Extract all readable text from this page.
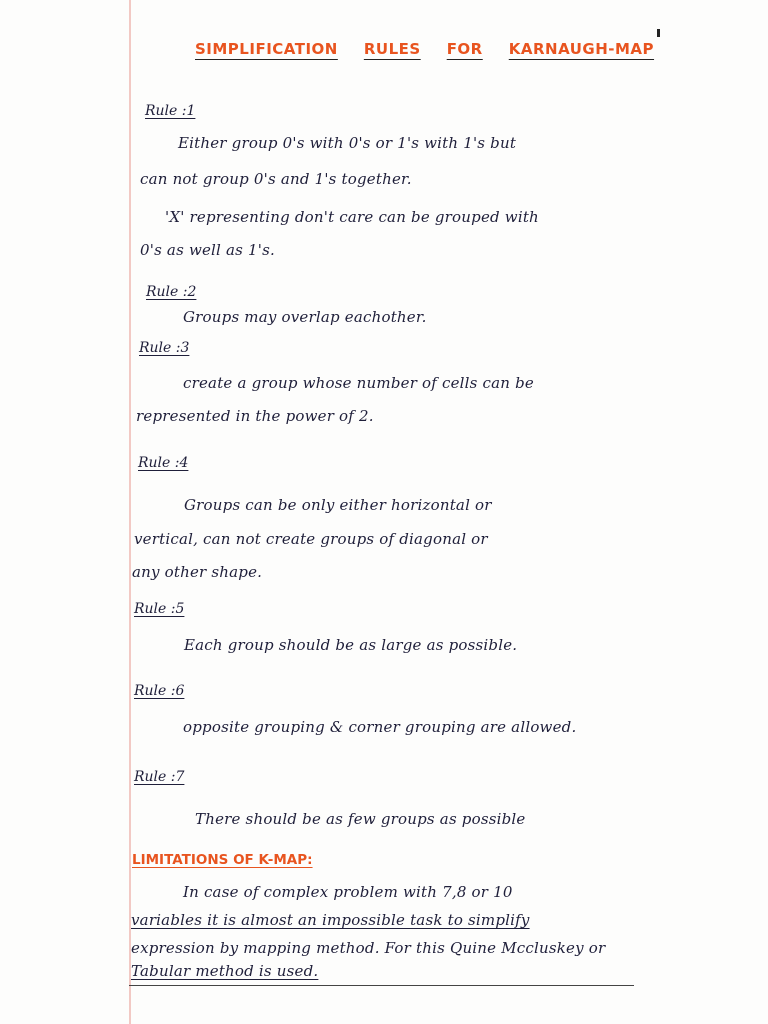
SIMPLIFICATION RULES FOR KARNAUGH-MAP
Rule :1
Either group 0's with 0's or 1's with 1's but
can not group 0's and 1's together.
'X' representing don't care can be grouped with
0's as well as 1's.
Rule :2
Groups may overlap eachother.
Rule :3
create a group whose number of cells can be
represented in the power of 2.
Rule :4
Groups can be only either horizontal or
vertical, can not create groups of diagonal or
any other shape.
Rule :5
Each group should be as large as possible.
Rule :6
opposite grouping & corner grouping are allowed.
Rule :7
There should be as few groups as possible
LIMITATIONS OF K-MAP:
In case of complex problem with 7,8 or 10
variables it is almost an impossible task to simplify
expression by mapping method. For this Quine Mccluskey or
Tabular method is used.
